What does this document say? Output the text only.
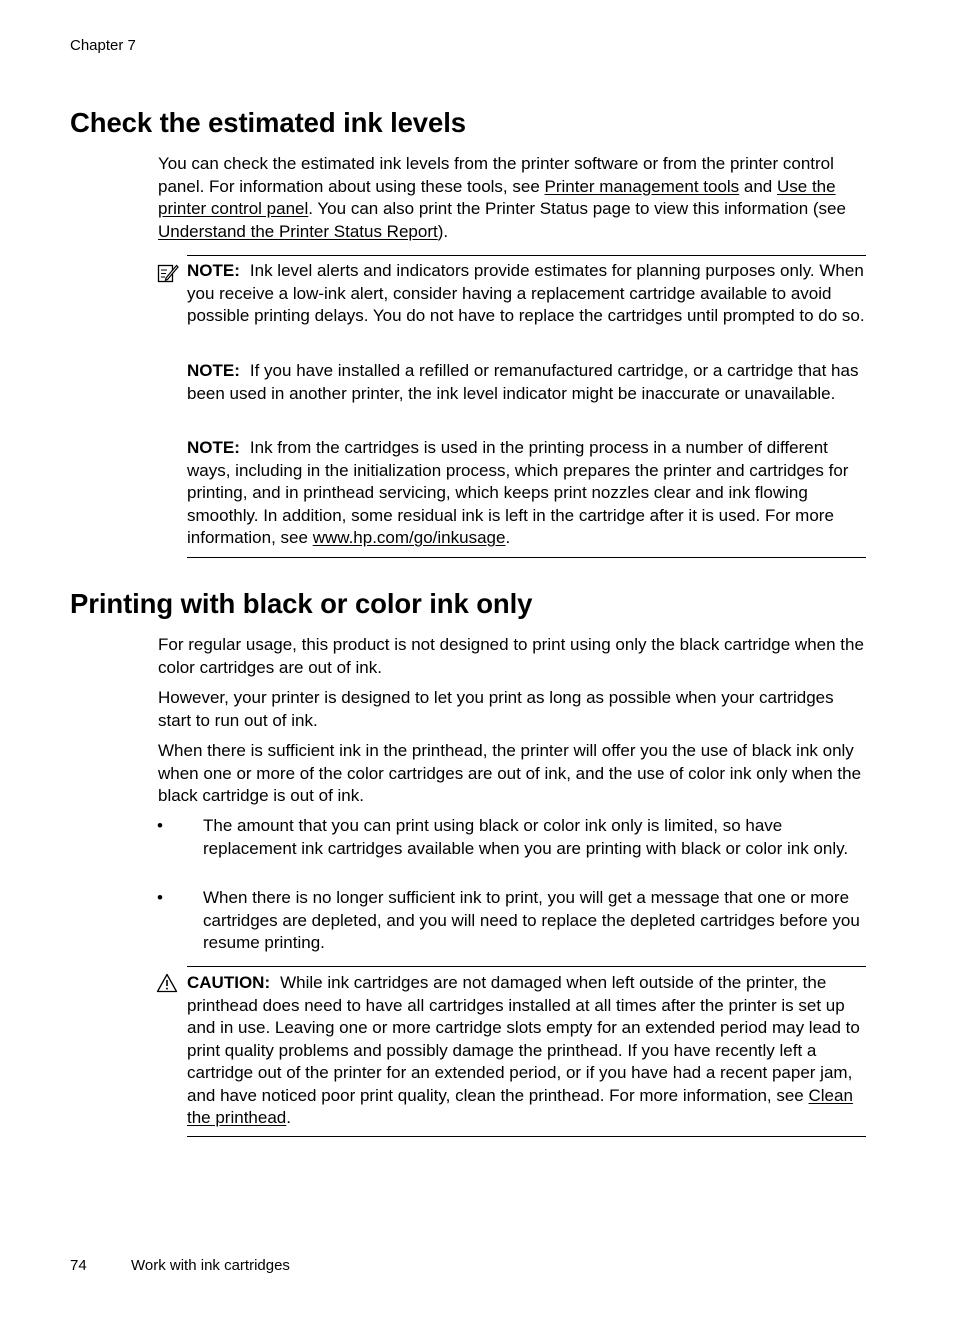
Chapter 7
Check the estimated ink levels

You can check the estimated ink levels from the printer software or from the printer control panel. For information about using these tools, see Printer management tools and Use the printer control panel. You can also print the Printer Status page to view this information (see Understand the Printer Status Report).

NOTE: Ink level alerts and indicators provide estimates for planning purposes only. When you receive a low-ink alert, consider having a replacement cartridge available to avoid possible printing delays. You do not have to replace the cartridges until prompted to do so.

NOTE: If you have installed a refilled or remanufactured cartridge, or a cartridge that has been used in another printer, the ink level indicator might be inaccurate or unavailable.

NOTE: Ink from the cartridges is used in the printing process in a number of different ways, including in the initialization process, which prepares the printer and cartridges for printing, and in printhead servicing, which keeps print nozzles clear and ink flowing smoothly. In addition, some residual ink is left in the cartridge after it is used. For more information, see www.hp.com/go/inkusage.

Printing with black or color ink only

For regular usage, this product is not designed to print using only the black cartridge when the color cartridges are out of ink.

However, your printer is designed to let you print as long as possible when your cartridges start to run out of ink.

When there is sufficient ink in the printhead, the printer will offer you the use of black ink only when one or more of the color cartridges are out of ink, and the use of color ink only when the black cartridge is out of ink.

• The amount that you can print using black or color ink only is limited, so have replacement ink cartridges available when you are printing with black or color ink only.

• When there is no longer sufficient ink to print, you will get a message that one or more cartridges are depleted, and you will need to replace the depleted cartridges before you resume printing.

CAUTION: While ink cartridges are not damaged when left outside of the printer, the printhead does need to have all cartridges installed at all times after the printer is set up and in use. Leaving one or more cartridge slots empty for an extended period may lead to print quality problems and possibly damage the printhead. If you have recently left a cartridge out of the printer for an extended period, or if you have had a recent paper jam, and have noticed poor print quality, clean the printhead. For more information, see Clean the printhead.

74	Work with ink cartridges
